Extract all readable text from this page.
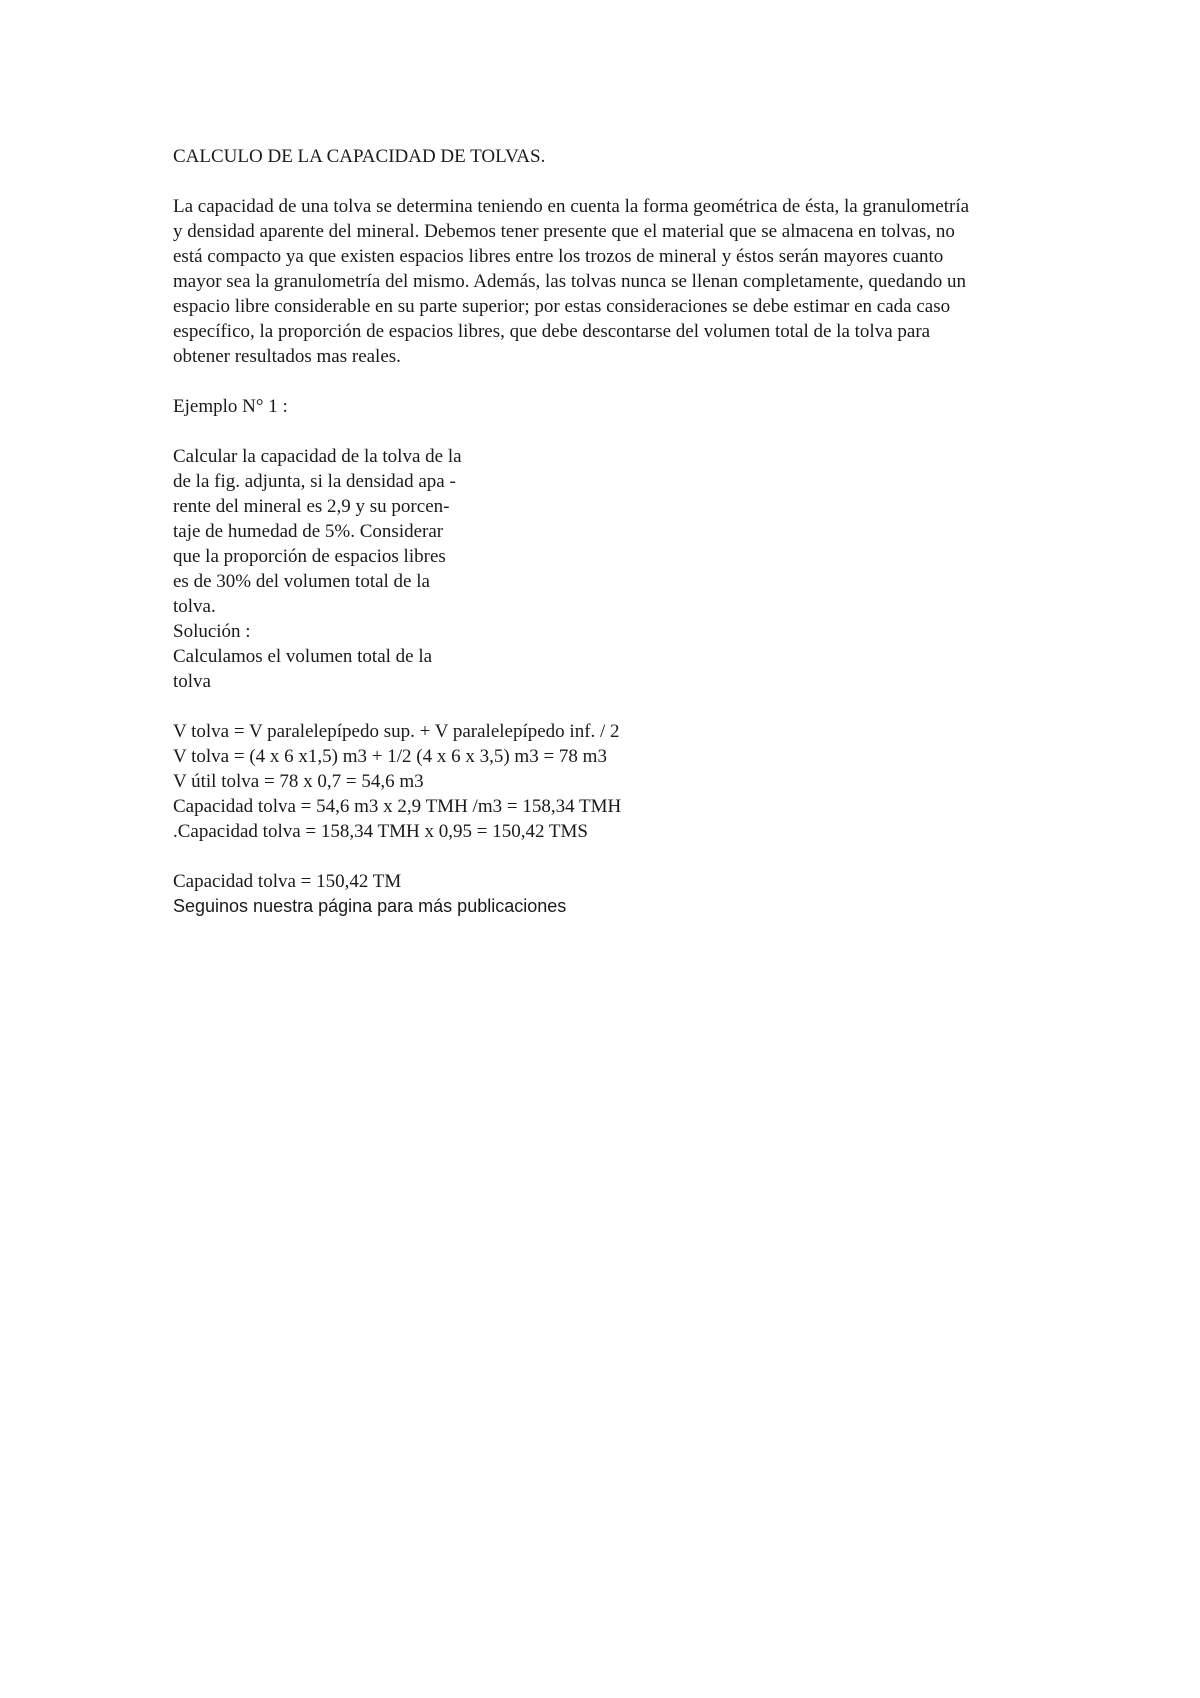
CALCULO DE LA CAPACIDAD DE TOLVAS.
La capacidad de una tolva se determina teniendo en cuenta la forma geométrica de ésta, la granulometría
y densidad aparente del mineral. Debemos tener presente que el material que se almacena en tolvas, no
está compacto ya que existen espacios libres entre los trozos de mineral y éstos serán mayores cuanto
mayor sea la granulometría del mismo. Además, las tolvas nunca se llenan completamente, quedando un
espacio libre considerable en su parte superior; por estas consideraciones se debe estimar en cada caso
específico, la proporción de espacios libres, que debe descontarse del volumen total de la tolva para
obtener resultados mas reales.
Ejemplo N° 1 :
Calcular la capacidad de la tolva de la
de la fig. adjunta, si la densidad apa -
rente del mineral es 2,9 y su porcen-
taje de humedad de 5%. Considerar
que la proporción de espacios libres
es de 30% del volumen total de la
tolva.
Solución :
Calculamos el volumen total de la
tolva
V tolva = V paralelepípedo sup. + V paralelepípedo inf. / 2
V tolva = (4 x 6 x1,5) m3 + 1/2 (4 x 6 x 3,5) m3 = 78 m3
V útil tolva = 78 x 0,7 = 54,6 m3
Capacidad tolva = 54,6 m3 x 2,9 TMH /m3 = 158,34 TMH
.Capacidad tolva = 158,34 TMH x 0,95 = 150,42 TMS
Capacidad tolva = 150,42 TM
Seguinos nuestra página para más publicaciones
